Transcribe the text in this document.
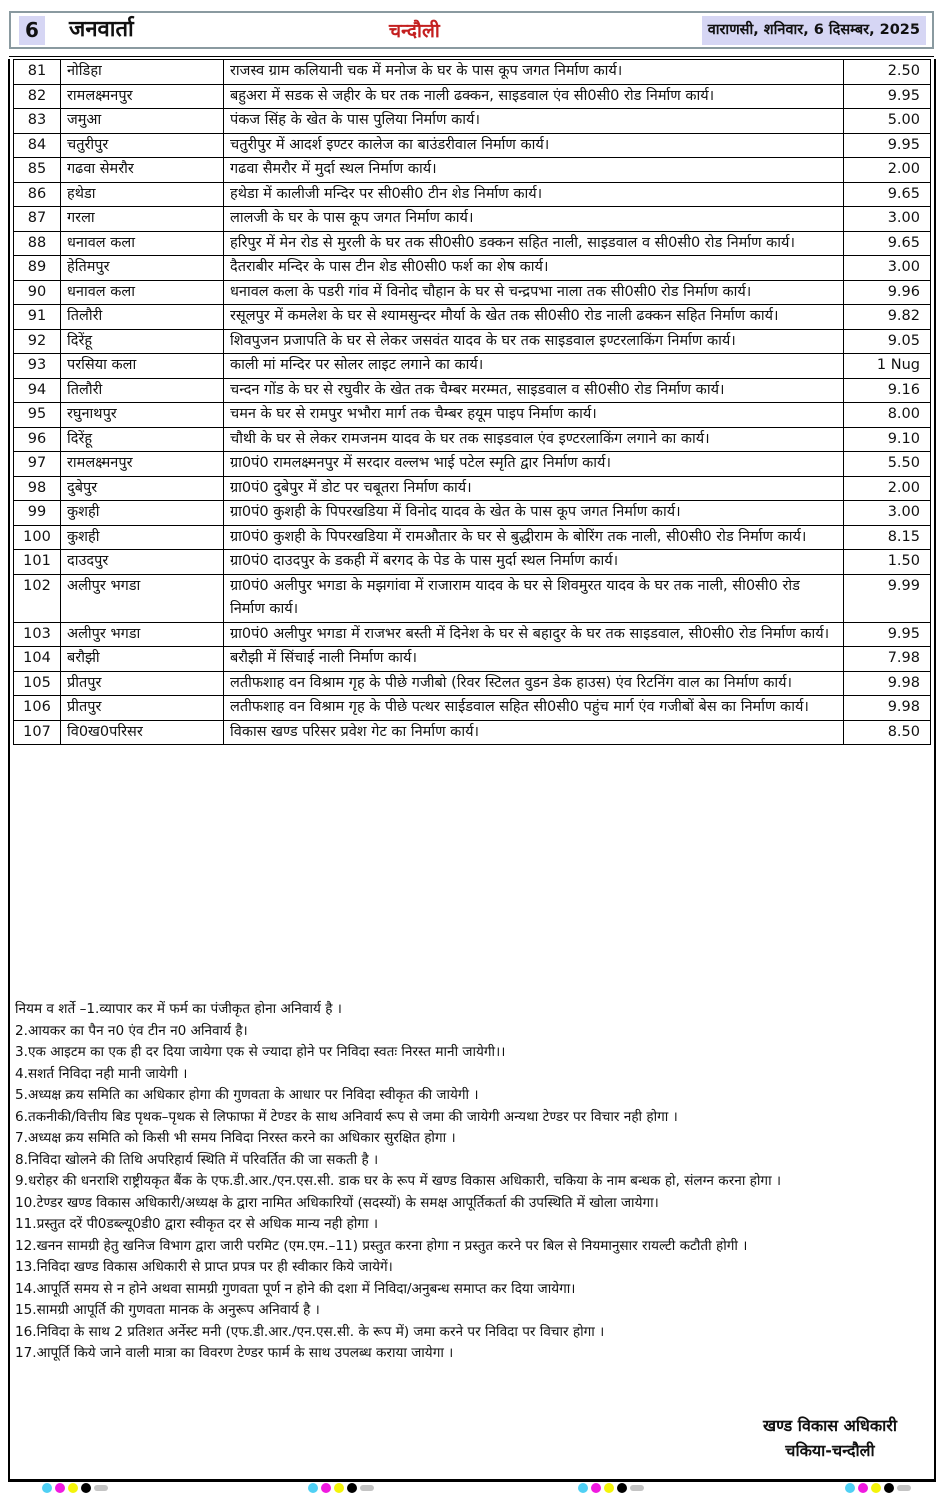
6 जनवार्ता	चन्दौली	वाराणसी, शनिवार, 6 दिसम्बर, 2025
81	नोडिहा	राजस्व ग्राम कलियानी चक में मनोज के घर के पास कूप जगत निर्माण कार्य।	2.50
82	रामलक्ष्मनपुर	बहुअरा में सडक से जहीर के घर तक नाली ढक्कन, साइडवाल एंव सी0सी0 रोड निर्माण कार्य।	9.95
83	जमुआ	पंकज सिंह के खेत के पास पुलिया निर्माण कार्य।	5.00
84	चतुरीपुर	चतुरीपुर में आदर्श इण्टर कालेज का बाउंडरीवाल निर्माण कार्य।	9.95
85	गढवा सेमरौर	गढवा सैमरौर में मुर्दा स्थल निर्माण कार्य।	2.00
86	हथेडा	हथेडा में कालीजी मन्दिर पर सी0सी0 टीन शेड निर्माण कार्य।	9.65
87	गरला	लालजी के घर के पास कूप जगत निर्माण कार्य।	3.00
88	धनावल कला	हरिपुर में मेन रोड से मुरली के घर तक सी0सी0 डक्कन सहित नाली, साइडवाल व सी0सी0 रोड निर्माण कार्य।	9.65
89	हेतिमपुर	दैतराबीर मन्दिर के पास टीन शेड सी0सी0 फर्श का शेष कार्य।	3.00
90	धनावल कला	धनावल कला के पडरी गांव में विनोद चौहान के घर से चन्द्रपभा नाला तक सी0सी0 रोड निर्माण कार्य।	9.96
91	तिलौरी	रसूलपुर में कमलेश के घर से श्यामसुन्दर मौर्या के खेत तक सी0सी0 रोड नाली ढक्कन सहित निर्माण कार्य।	9.82
92	दिरेंहू	शिवपुजन प्रजापति के घर से लेकर जसवंत यादव के घर तक साइडवाल इण्टरलाकिंग निर्माण कार्य।	9.05
93	परसिया कला	काली मां मन्दिर पर सोलर लाइट लगाने का कार्य।	1 Nug
94	तिलौरी	चन्दन गोंड के घर से रघुवीर के खेत तक चैम्बर मरम्मत, साइडवाल व सी0सी0 रोड निर्माण कार्य।	9.16
95	रघुनाथपुर	चमन के घर से रामपुर भभौरा मार्ग तक चैम्बर हयूम पाइप निर्माण कार्य।	8.00
96	दिरेंहू	चौथी के घर से लेकर रामजनम यादव के घर तक साइडवाल एंव इण्टरलाकिंग लगाने का कार्य।	9.10
97	रामलक्ष्मनपुर	ग्रा0पं0 रामलक्ष्मनपुर में सरदार वल्लभ भाई पटेल स्मृति द्वार निर्माण कार्य।	5.50
98	दुबेपुर	ग्रा0पं0 दुबेपुर में डोट पर चबूतरा निर्माण कार्य।	2.00
99	कुशही	ग्रा0पं0 कुशही के पिपरखडिया में विनोद यादव के खेत के पास कूप जगत निर्माण कार्य।	3.00
100	कुशही	ग्रा0पं0 कुशही के पिपरखडिया में रामऔतार के घर से बुद्धीराम के बोरिंग तक नाली, सी0सी0 रोड निर्माण कार्य।	8.15
101	दाउदपुर	ग्रा0पं0 दाउदपुर के डकही में बरगद के पेड के पास मुर्दा स्थल निर्माण कार्य।	1.50
102	अलीपुर भगडा	ग्रा0पं0 अलीपुर भगडा के मझगांवा में राजाराम यादव के घर से शिवमुरत यादव के घर तक नाली, सी0सी0 रोड निर्माण कार्य।	9.99
103	अलीपुर भगडा	ग्रा0पं0 अलीपुर भगडा में राजभर बस्ती में दिनेश के घर से बहादुर के घर तक साइडवाल, सी0सी0 रोड निर्माण कार्य।	9.95
104	बरौझी	बरौझी में सिंचाई नाली निर्माण कार्य।	7.98
105	प्रीतपुर	लतीफशाह वन विश्राम गृह के पीछे गजीबो (रिवर स्टिलत वुडन डेक हाउस) एंव रिटनिंग वाल का निर्माण कार्य।	9.98
106	प्रीतपुर	लतीफशाह वन विश्राम गृह के पीछे पत्थर साईडवाल सहित सी0सी0 पहुंच मार्ग एंव गजीबों बेस का निर्माण कार्य।	9.98
107	वि0ख0परिसर	विकास खण्ड परिसर प्रवेश गेट का निर्माण कार्य।	8.50
नियम व शर्ते –1.व्यापार कर में फर्म का पंजीकृत होना अनिवार्य है ।
2.आयकर का पैन न0 एंव टीन न0 अनिवार्य है।
3.एक आइटम का एक ही दर दिया जायेगा एक से ज्यादा होने पर निविदा स्वतः निरस्त मानी जायेगी।।
4.सशर्त निविदा नही मानी जायेगी ।
5.अध्यक्ष क्रय समिति का अधिकार होगा की गुणवता के आधार पर निविदा स्वीकृत की जायेगी ।
6.तकनीकी/वित्तीय बिड पृथक–पृथक से लिफाफा में टेण्डर के साथ अनिवार्य रूप से जमा की जायेगी अन्यथा टेण्डर पर विचार नही होगा ।
7.अध्यक्ष क्रय समिति को किसी भी समय निविदा निरस्त करने का अधिकार सुरक्षित होगा ।
8.निविदा खोलने की तिथि अपरिहार्य स्थिति में परिवर्तित की जा सकती है ।
9.धरोहर की धनराशि राष्ट्रीयकृत बैंक के एफ.डी.आर./एन.एस.सी. डाक घर के रूप में खण्ड विकास अधिकारी, चकिया के नाम बन्धक हो, संलग्न करना होगा ।
10.टेण्डर खण्ड विकास अधिकारी/अध्यक्ष के द्वारा नामित अधिकारियों (सदस्यों) के समक्ष आपूर्तिकर्ता की उपस्थिति में खोला जायेगा।
11.प्रस्तुत दरें पी0डब्ल्यू0डी0 द्वारा स्वीकृत दर से अधिक मान्य नही होगा ।
12.खनन सामग्री हेतु खनिज विभाग द्वारा जारी परमिट (एम.एम.–11) प्रस्तुत करना होगा न प्रस्तुत करने पर बिल से नियमानुसार रायल्टी कटौती होगी ।
13.निविदा खण्ड विकास अधिकारी से प्राप्त प्रपत्र पर ही स्वीकार किये जायेगें।
14.आपूर्ति समय से न होने अथवा सामग्री गुणवता पूर्ण न होने की दशा में निविदा/अनुबन्ध समाप्त कर दिया जायेगा।
15.सामग्री आपूर्ति की गुणवता मानक के अनुरूप अनिवार्य है ।
16.निविदा के साथ 2 प्रतिशत अर्नेस्ट मनी (एफ.डी.आर./एन.एस.सी. के रूप में) जमा करने पर निविदा पर विचार होगा ।
17.आपूर्ति किये जाने वाली मात्रा का विवरण टेण्डर फार्म के साथ उपलब्ध कराया जायेगा ।
खण्ड विकास अधिकारी
चकिया-चन्दौली
